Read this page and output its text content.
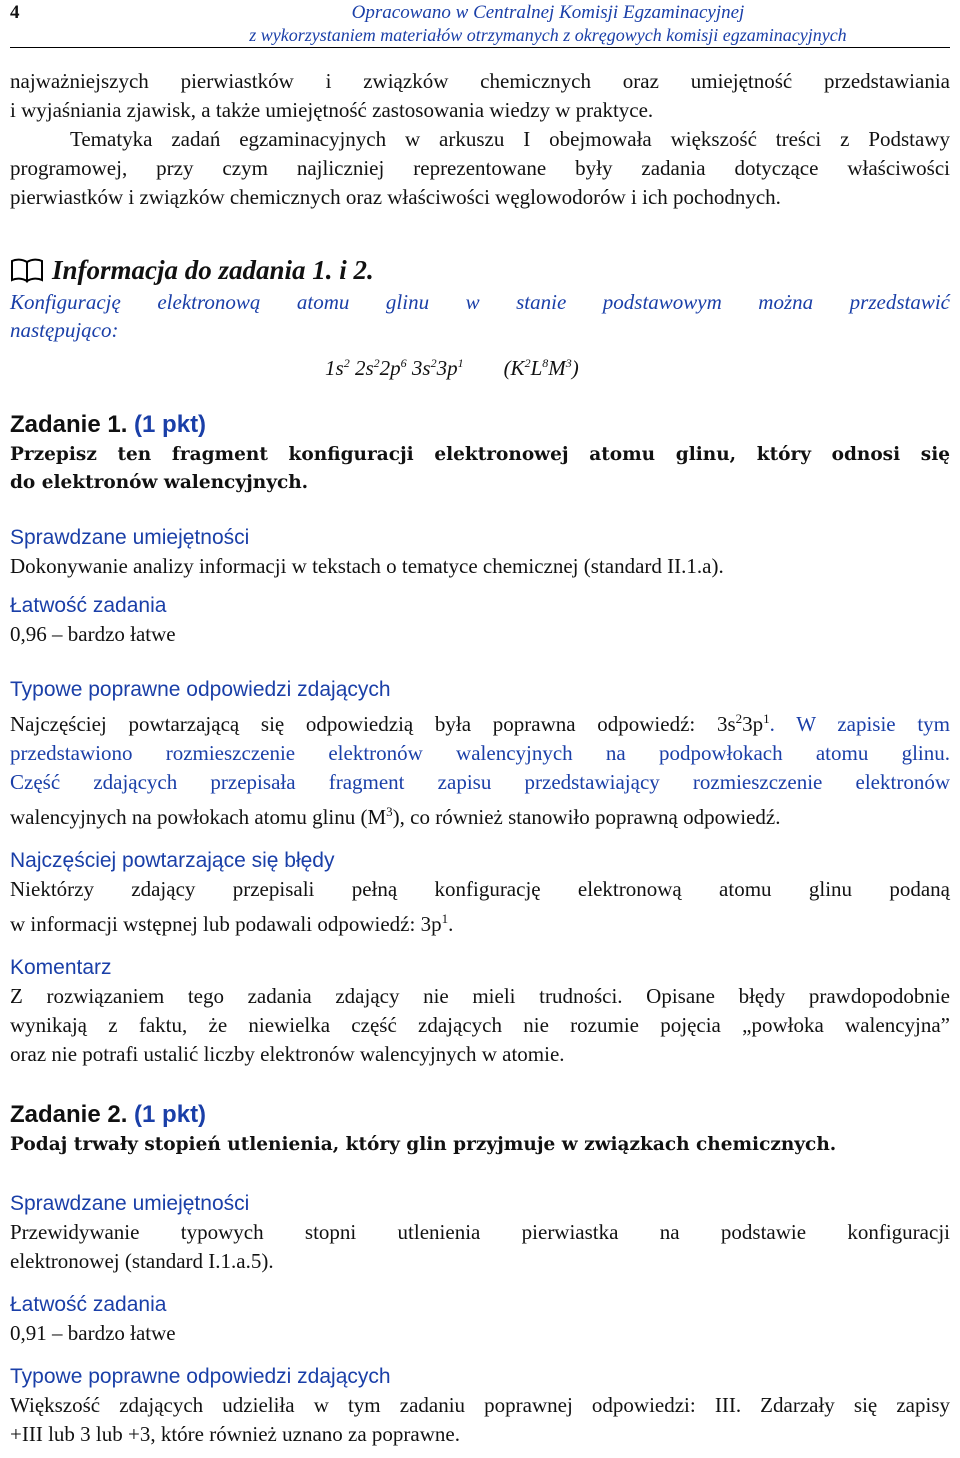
4	Opracowano w Centralnej Komisji Egzaminacyjnej
z wykorzystaniem materiałów otrzymanych z okręgowych komisji egzaminacyjnych

najważniejszych pierwiastków i związków chemicznych oraz umiejętność przedstawiania

i wyjaśniania zjawisk, a także umiejętność zastosowania wiedzy w praktyce.

Tematyka zadań egzaminacyjnych w arkuszu I obejmowała większość treści z Podstawy

programowej, przy czym najliczniej reprezentowane były zadania dotyczące właściwości

pierwiastków i związków chemicznych oraz właściwości węglowodorów i ich pochodnych.

Informacja do zadania 1. i 2.

Konfigurację elektronową atomu glinu w stanie podstawowym można przedstawić

następująco:

$1s^2$ $2s^22p^6$ $3s^23p^1$ $(K^2L^8M^3)$

Zadanie 1. (1 pkt)

Przepisz ten fragment konfiguracji elektronowej atomu glinu, który odnosi się

do elektronów walencyjnych.

Sprawdzane umiejętności

Dokonywanie analizy informacji w tekstach o tematyce chemicznej (standard II.1.a).

Łatwość zadania

0,96 – bardzo łatwe

Typowe poprawne odpowiedzi zdających

Najczęściej powtarzającą się odpowiedzią była poprawna odpowiedź: $3s^23p^1$. W zapisie tym

przedstawiono rozmieszczenie elektronów walencyjnych na podpowłokach atomu glinu.

Część zdających przepisała fragment zapisu przedstawiający rozmieszczenie elektronów

walencyjnych na powłokach atomu glinu $(M^3)$, co również stanowiło poprawną odpowiedź.

Najczęściej powtarzające się błędy

Niektórzy zdający przepisali pełną konfigurację elektronową atomu glinu podaną

w informacji wstępnej lub podawali odpowiedź: $3p^1$.

Komentarz

Z rozwiązaniem tego zadania zdający nie mieli trudności. Opisane błędy prawdopodobnie

wynikają z faktu, że niewielka część zdających nie rozumie pojęcia „powłoka walencyjna”

oraz nie potrafi ustalić liczby elektronów walencyjnych w atomie.

Zadanie 2. (1 pkt)

Podaj trwały stopień utlenienia, który glin przyjmuje w związkach chemicznych.

Sprawdzane umiejętności

Przewidywanie typowych stopni utlenienia pierwiastka na podstawie konfiguracji

elektronowej (standard I.1.a.5).

Łatwość zadania

0,91 – bardzo łatwe

Typowe poprawne odpowiedzi zdających

Większość zdających udzieliła w tym zadaniu poprawnej odpowiedzi: III. Zdarzały się zapisy

+III lub 3 lub +3, które również uznano za poprawne.
